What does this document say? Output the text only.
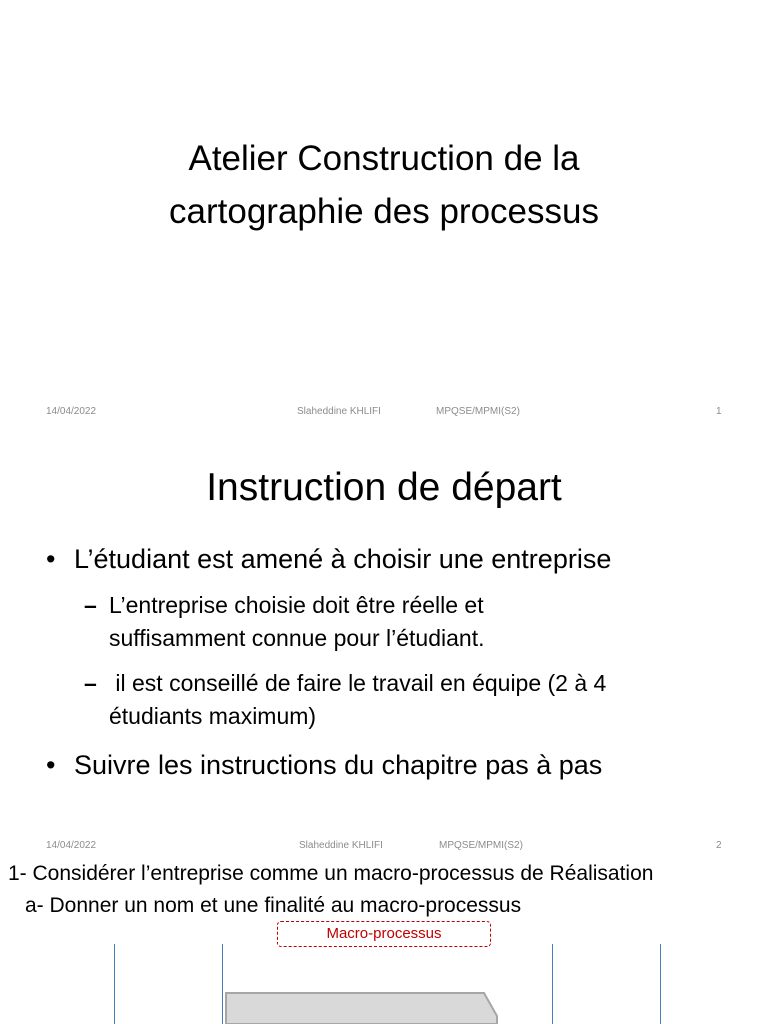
Atelier Construction de la
cartographie des processus
14/04/2022	Slaheddine KHLIFI	MPQSE/MPMI(S2)	1
Instruction de départ
• L’étudiant est amené à choisir une entreprise
– L’entreprise choisie doit être réelle et
suffisamment connue pour l’étudiant.
– il est conseillé de faire le travail en équipe (2 à 4
étudiants maximum)
• Suivre les instructions du chapitre pas à pas
14/04/2022	Slaheddine KHLIFI	MPQSE/MPMI(S2)	2
1- Considérer l’entreprise comme un macro-processus de Réalisation
a- Donner un nom et une finalité au macro-processus
Macro-processus
